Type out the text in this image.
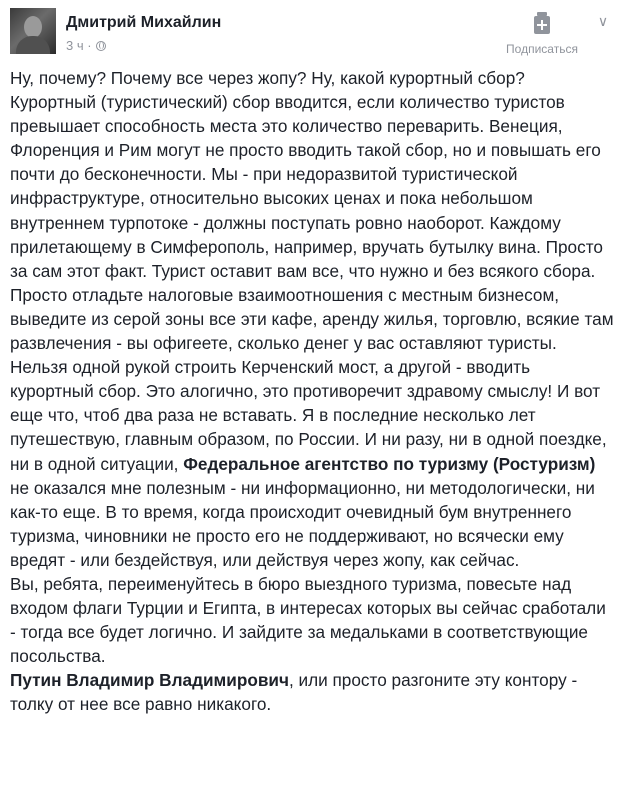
Дмитрий Михайлин
3 ч ·	Подписаться
∨

Ну, почему? Почему все через жопу? Ну, какой курортный сбор? Курортный (туристический) сбор вводится, если количество туристов превышает способность места это количество переварить. Венеция, Флоренция и Рим могут не просто вводить такой сбор, но и повышать его почти до бесконечности. Мы - при недоразвитой туристической инфраструктуре, относительно высоких ценах и пока небольшом внутреннем турпотоке - должны поступать ровно наоборот. Каждому прилетающему в Симферополь, например, вручать бутылку вина. Просто за сам этот факт. Турист оставит вам все, что нужно и без всякого сбора. Просто отладьте налоговые взаимоотношения с местным бизнесом, выведите из серой зоны все эти кафе, аренду жилья, торговлю, всякие там развлечения - вы офигеете, сколько денег у вас оставляют туристы.

Нельзя одной рукой строить Керченский мост, а другой - вводить курортный сбор. Это алогично, это противоречит здравому смыслу! И вот еще что, чтоб два раза не вставать. Я в последние несколько лет путешествую, главным образом, по России. И ни разу, ни в одной поездке, ни в одной ситуации, Федеральное агентство по туризму (Ростуризм) не оказался мне полезным - ни информационно, ни методологически, ни как-то еще. В то время, когда происходит очевидный бум внутреннего туризма, чиновники не просто его не поддерживают, но всячески ему вредят - или бездействуя, или действуя через жопу, как сейчас.

Вы, ребята, переименуйтесь в бюро выездного туризма, повесьте над входом флаги Турции и Египта, в интересах которых вы сейчас сработали - тогда все будет логично. И зайдите за медальками в соответствующие посольства.

Путин Владимир Владимирович, или просто разгоните эту контору - толку от нее все равно никакого.
